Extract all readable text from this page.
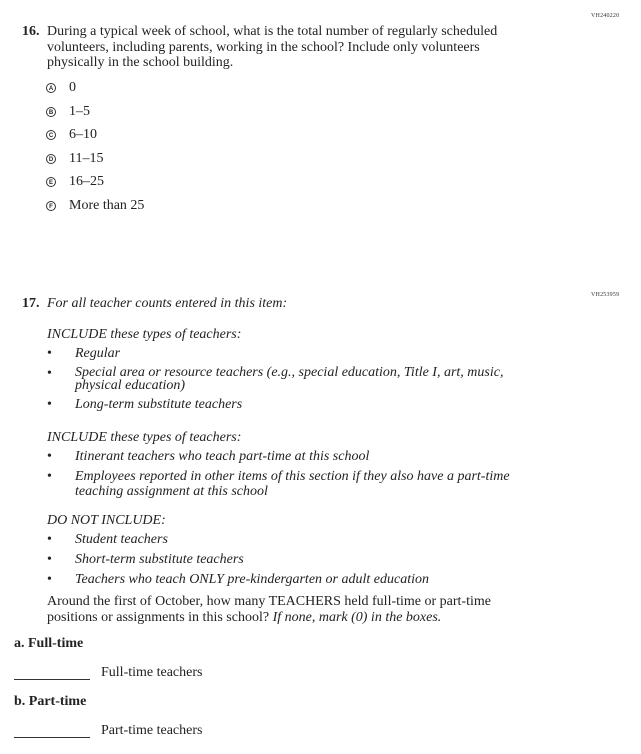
VH240220
16. During a typical week of school, what is the total number of regularly scheduled volunteers, including parents, working in the school? Include only volunteers physically in the school building.
A 0
B 1–5
C 6–10
D 11–15
E 16–25
F More than 25
VH253959
17. For all teacher counts entered in this item:
INCLUDE these types of teachers:
•	Regular
•	Special area or resource teachers (e.g., special education, Title I, art, music, physical education)
•	Long-term substitute teachers
INCLUDE these types of teachers:
•	Itinerant teachers who teach part-time at this school
•	Employees reported in other items of this section if they also have a part-time teaching assignment at this school
DO NOT INCLUDE:
•	Student teachers
•	Short-term substitute teachers
•	Teachers who teach ONLY pre-kindergarten or adult education
Around the first of October, how many TEACHERS held full-time or part-time positions or assignments in this school? If none, mark (0) in the boxes.
a. Full-time
Full-time teachers
b. Part-time
Part-time teachers
